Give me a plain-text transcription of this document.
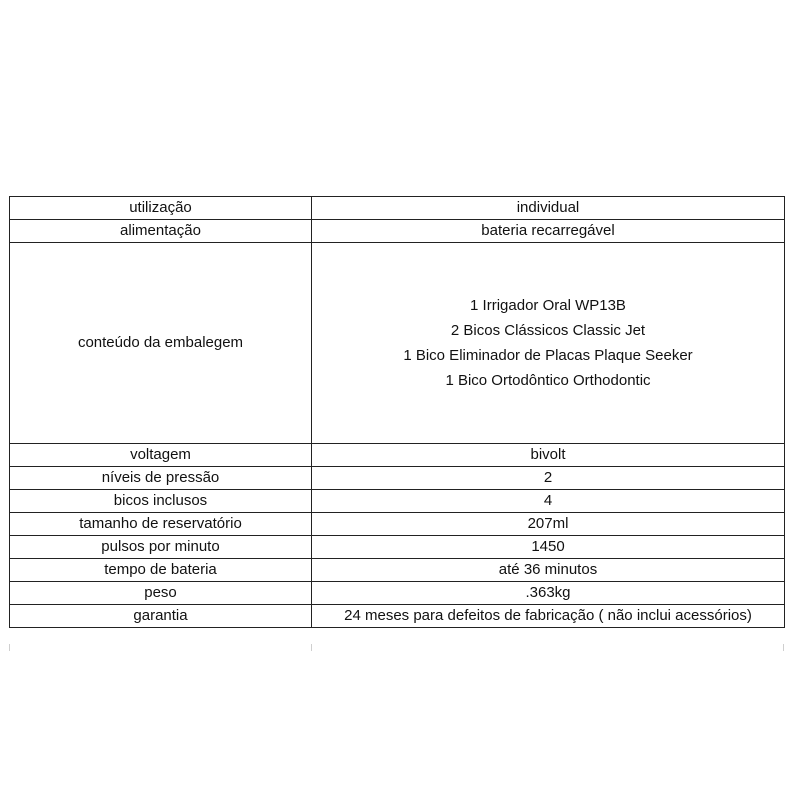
utilização	individual
alimentação	bateria recarregável
conteúdo da embalegem	1 Irrigador Oral WP13B
2 Bicos Clássicos Classic Jet
1 Bico Eliminador de Placas Plaque Seeker
1 Bico Ortodôntico Orthodontic

voltagem	bivolt
níveis de pressão	2
bicos inclusos	4
tamanho de reservatório	207ml
pulsos por minuto	1450
tempo de bateria	até 36 minutos
peso	.363kg
garantia	24 meses para defeitos de fabricação ( não inclui acessórios)
